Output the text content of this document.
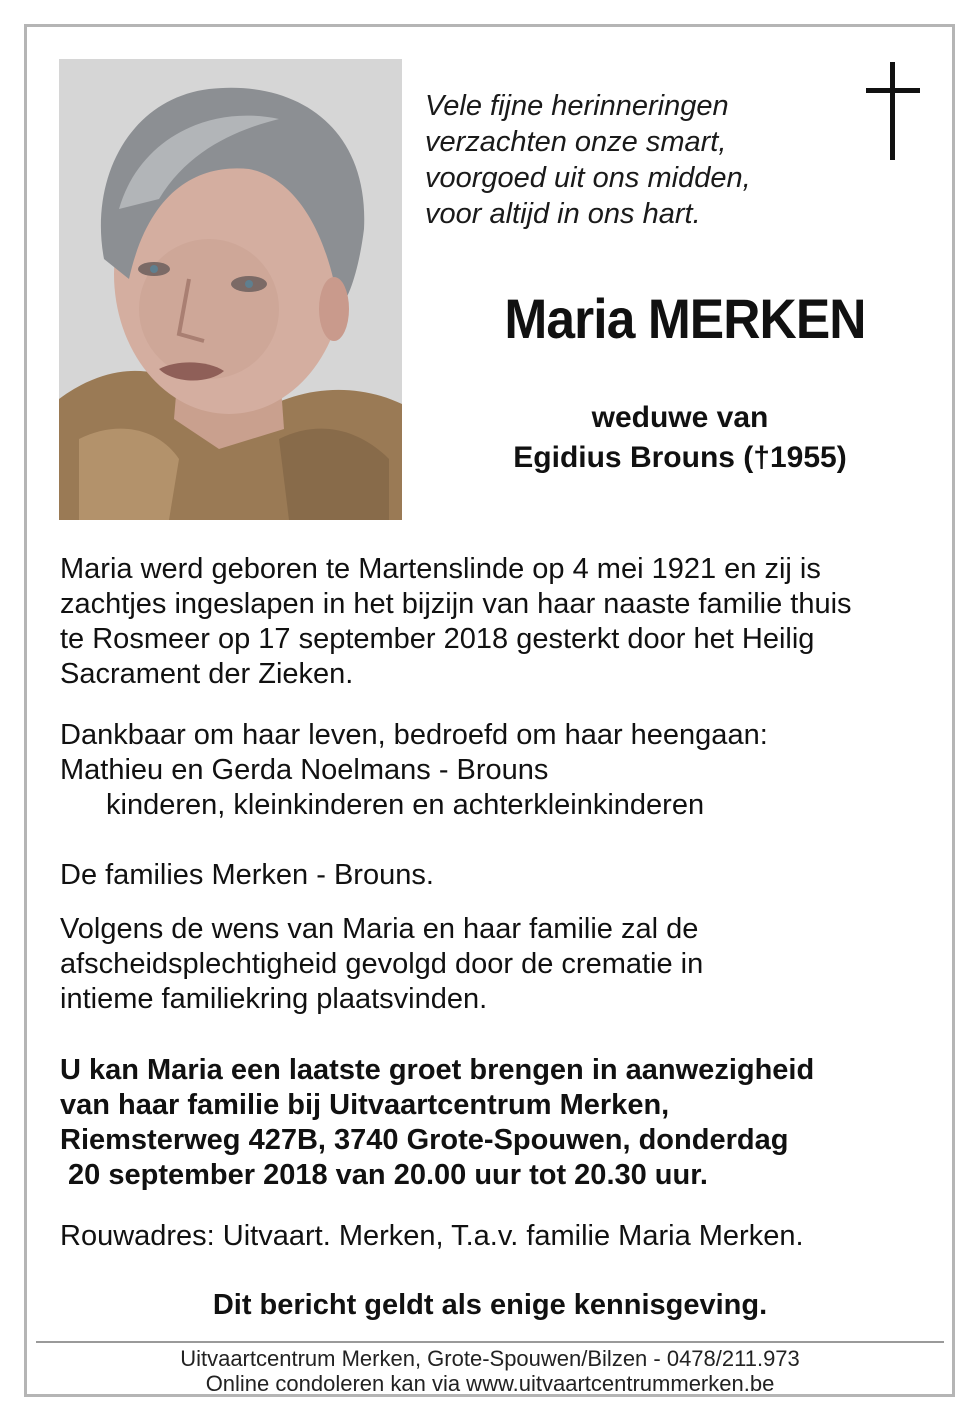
Vele fijne herinneringen
verzachten onze smart,
voorgoed uit ons midden,
voor altijd in ons hart.
Maria MERKEN
weduwe van
Egidius Brouns (†1955)
Maria werd geboren te Martenslinde op 4 mei 1921 en zij is
zachtjes ingeslapen in het bijzijn van haar naaste familie thuis
te Rosmeer op 17 september 2018 gesterkt door het Heilig
Sacrament der Zieken.
Dankbaar om haar leven, bedroefd om haar heengaan:
Mathieu en Gerda Noelmans - Brouns
kinderen, kleinkinderen en achterkleinkinderen
De families Merken - Brouns.
Volgens de wens van Maria en haar familie zal de
afscheidsplechtigheid gevolgd door de crematie in
intieme familiekring plaatsvinden.
U kan Maria een laatste groet brengen in aanwezigheid
van haar familie bij Uitvaartcentrum Merken,
Riemsterweg 427B, 3740 Grote-Spouwen, donderdag
20 september 2018 van 20.00 uur tot 20.30 uur.
Rouwadres: Uitvaart. Merken, T.a.v. familie Maria Merken.
Dit bericht geldt als enige kennisgeving.
Uitvaartcentrum Merken, Grote-Spouwen/Bilzen - 0478/211.973
Online condoleren kan via www.uitvaartcentrummerken.be
